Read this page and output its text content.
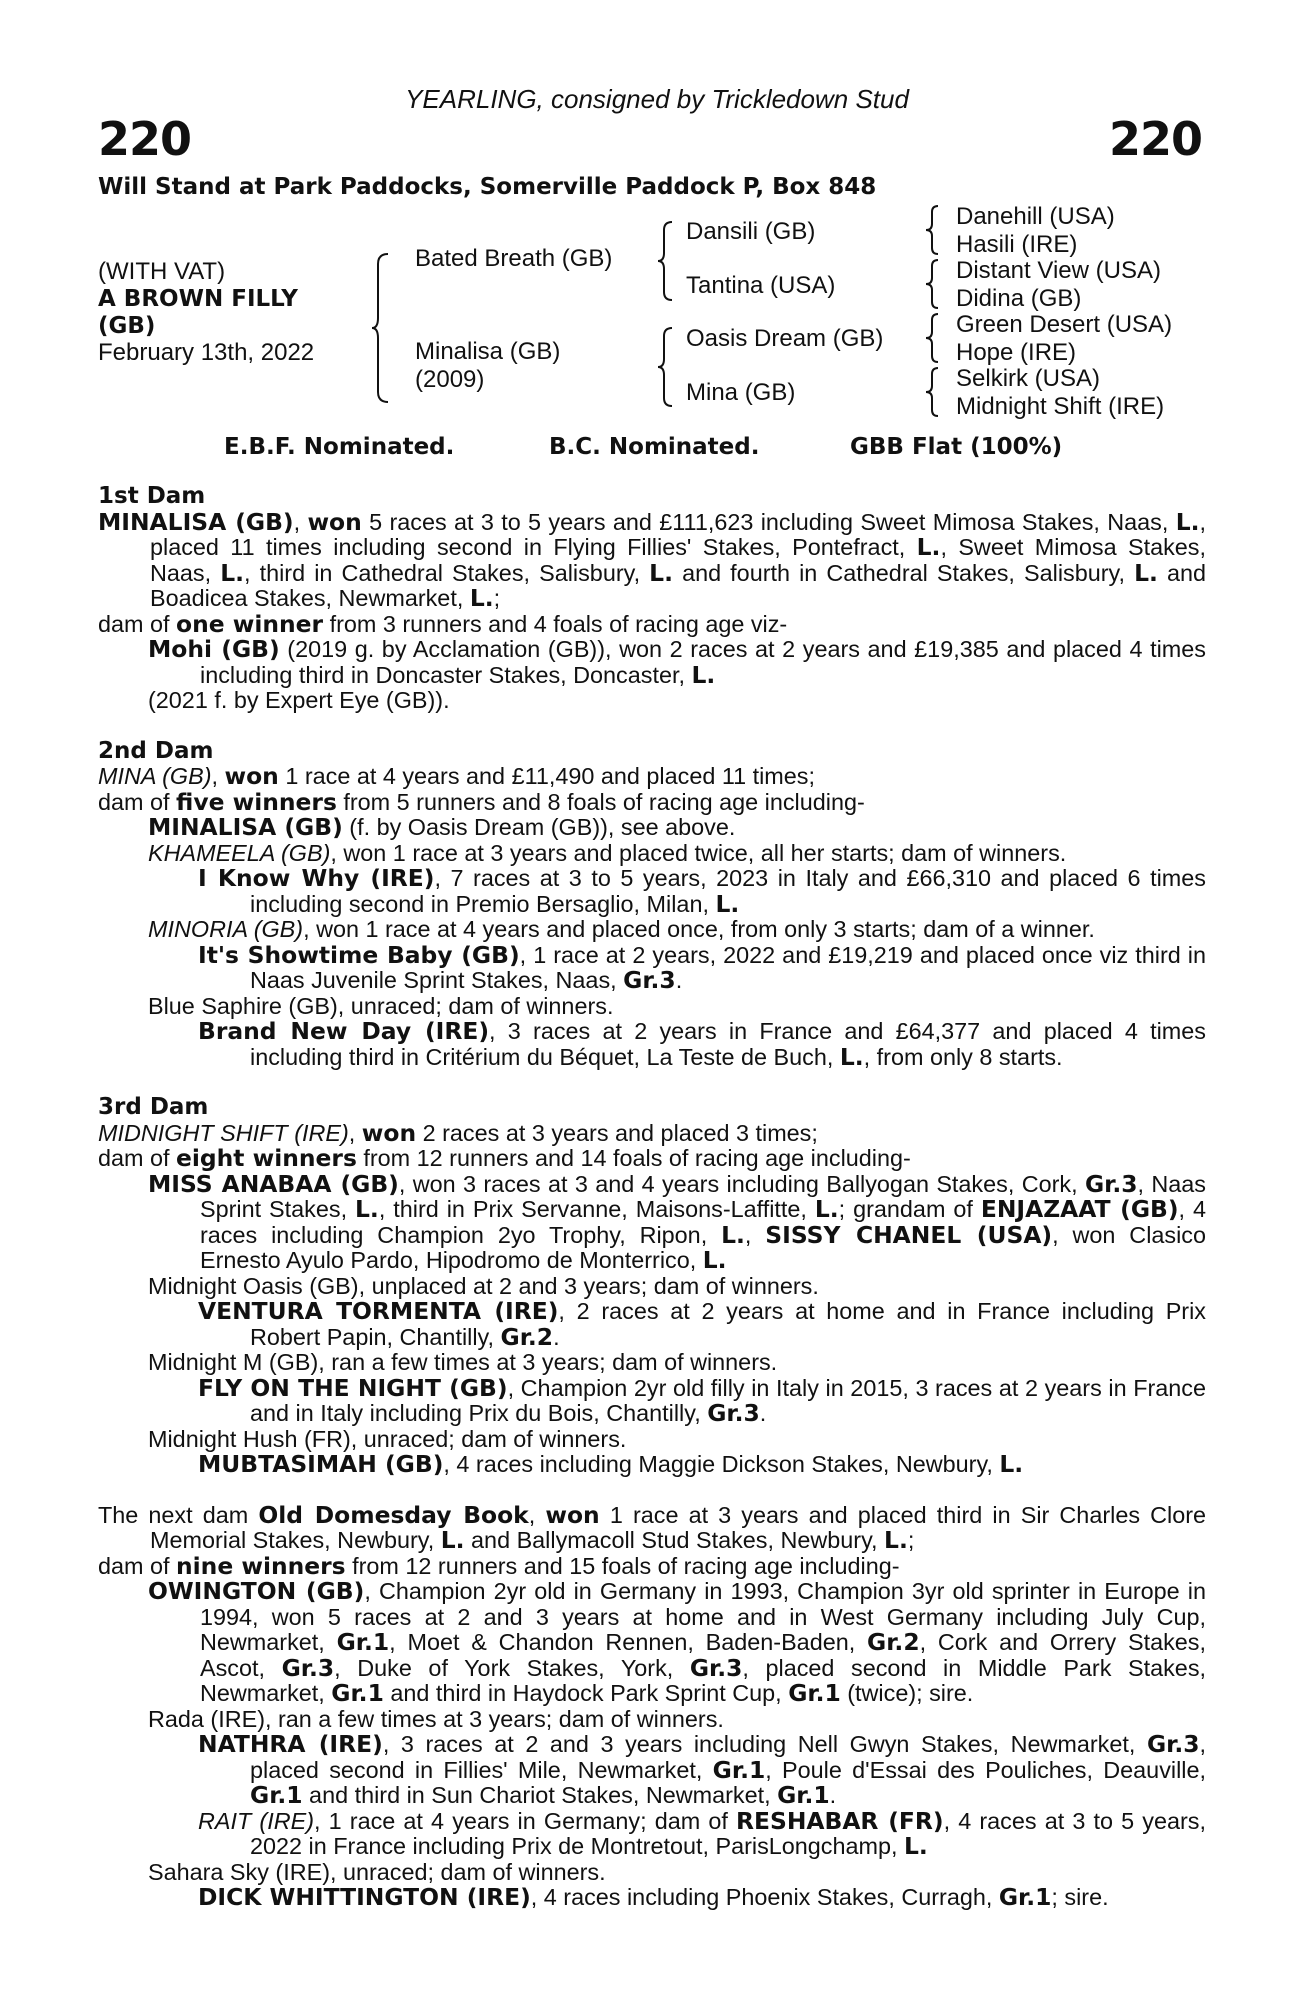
YEARLING, consigned by Trickledown Stud
220	220
Will Stand at Park Paddocks, Somerville Paddock P, Box 848
(WITH VAT)
A BROWN FILLY
(GB)
February 13th, 2022
Bated Breath (GB)
Minalisa (GB)
(2009)
Dansili (GB)
Tantina (USA)
Oasis Dream (GB)
Mina (GB)
Danehill (USA)
Hasili (IRE)
Distant View (USA)
Didina (GB)
Green Desert (USA)
Hope (IRE)
Selkirk (USA)
Midnight Shift (IRE)
E.B.F. Nominated.	B.C. Nominated.	GBB Flat (100%)

1st Dam

MINALISA (GB), won 5 races at 3 to 5 years and £111,623 including Sweet Mimosa Stakes, Naas, L., placed 11 times including second in Flying Fillies' Stakes, Pontefract, L., Sweet Mimosa Stakes, Naas, L., third in Cathedral Stakes, Salisbury, L. and fourth in Cathedral Stakes, Salisbury, L. and Boadicea Stakes, Newmarket, L.;

dam of one winner from 3 runners and 4 foals of racing age viz-

Mohi (GB) (2019 g. by Acclamation (GB)), won 2 races at 2 years and £19,385 and placed 4 times including third in Doncaster Stakes, Doncaster, L.

(2021 f. by Expert Eye (GB)).

2nd Dam

MINA (GB), won 1 race at 4 years and £11,490 and placed 11 times;

dam of five winners from 5 runners and 8 foals of racing age including-

MINALISA (GB) (f. by Oasis Dream (GB)), see above.

KHAMEELA (GB), won 1 race at 3 years and placed twice, all her starts; dam of winners.

I Know Why (IRE), 7 races at 3 to 5 years, 2023 in Italy and £66,310 and placed 6 times including second in Premio Bersaglio, Milan, L.

MINORIA (GB), won 1 race at 4 years and placed once, from only 3 starts; dam of a winner.

It's Showtime Baby (GB), 1 race at 2 years, 2022 and £19,219 and placed once viz third in Naas Juvenile Sprint Stakes, Naas, Gr.3.

Blue Saphire (GB), unraced; dam of winners.

Brand New Day (IRE), 3 races at 2 years in France and £64,377 and placed 4 times including third in Critérium du Béquet, La Teste de Buch, L., from only 8 starts.

3rd Dam

MIDNIGHT SHIFT (IRE), won 2 races at 3 years and placed 3 times;

dam of eight winners from 12 runners and 14 foals of racing age including-

MISS ANABAA (GB), won 3 races at 3 and 4 years including Ballyogan Stakes, Cork, Gr.3, Naas Sprint Stakes, L., third in Prix Servanne, Maisons-Laffitte, L.; grandam of ENJAZAAT (GB), 4 races including Champion 2yo Trophy, Ripon, L., SISSY CHANEL (USA), won Clasico Ernesto Ayulo Pardo, Hipodromo de Monterrico, L.

Midnight Oasis (GB), unplaced at 2 and 3 years; dam of winners.

VENTURA TORMENTA (IRE), 2 races at 2 years at home and in France including Prix Robert Papin, Chantilly, Gr.2.

Midnight M (GB), ran a few times at 3 years; dam of winners.

FLY ON THE NIGHT (GB), Champion 2yr old filly in Italy in 2015, 3 races at 2 years in France and in Italy including Prix du Bois, Chantilly, Gr.3.

Midnight Hush (FR), unraced; dam of winners.

MUBTASIMAH (GB), 4 races including Maggie Dickson Stakes, Newbury, L.

The next dam Old Domesday Book, won 1 race at 3 years and placed third in Sir Charles Clore Memorial Stakes, Newbury, L. and Ballymacoll Stud Stakes, Newbury, L.;

dam of nine winners from 12 runners and 15 foals of racing age including-

OWINGTON (GB), Champion 2yr old in Germany in 1993, Champion 3yr old sprinter in Europe in 1994, won 5 races at 2 and 3 years at home and in West Germany including July Cup, Newmarket, Gr.1, Moet & Chandon Rennen, Baden-Baden, Gr.2, Cork and Orrery Stakes, Ascot, Gr.3, Duke of York Stakes, York, Gr.3, placed second in Middle Park Stakes, Newmarket, Gr.1 and third in Haydock Park Sprint Cup, Gr.1 (twice); sire.

Rada (IRE), ran a few times at 3 years; dam of winners.

NATHRA (IRE), 3 races at 2 and 3 years including Nell Gwyn Stakes, Newmarket, Gr.3, placed second in Fillies' Mile, Newmarket, Gr.1, Poule d'Essai des Pouliches, Deauville, Gr.1 and third in Sun Chariot Stakes, Newmarket, Gr.1.

RAIT (IRE), 1 race at 4 years in Germany; dam of RESHABAR (FR), 4 races at 3 to 5 years, 2022 in France including Prix de Montretout, ParisLongchamp, L.

Sahara Sky (IRE), unraced; dam of winners.

DICK WHITTINGTON (IRE), 4 races including Phoenix Stakes, Curragh, Gr.1; sire.
